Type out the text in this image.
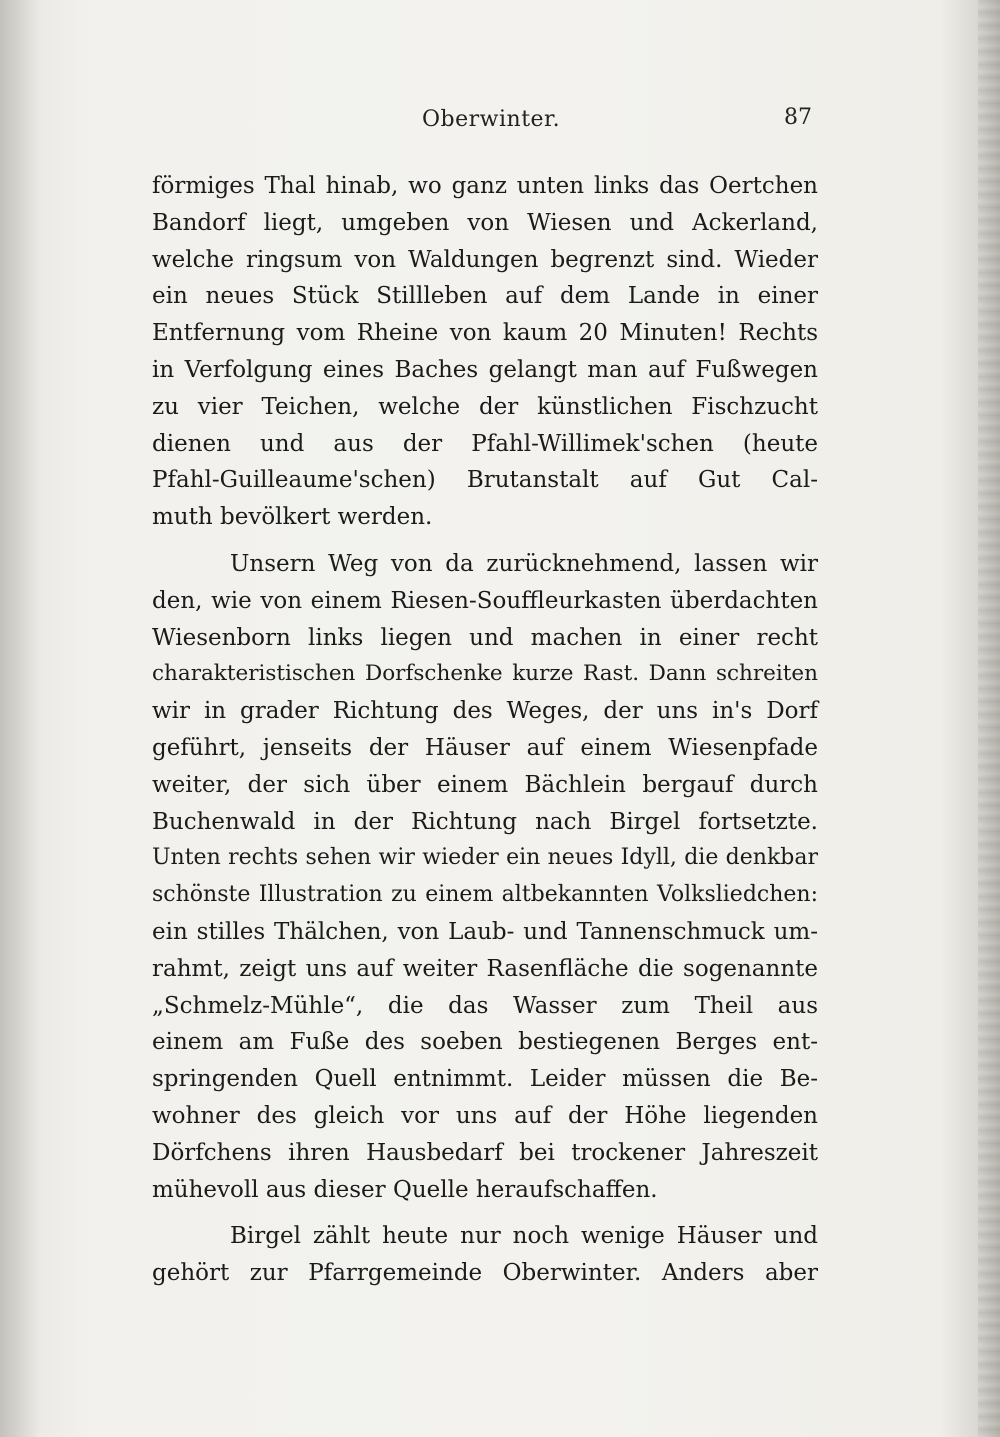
Oberwinter.	87
förmiges Thal hinab, wo ganz unten links das Oertchen
Bandorf liegt, umgeben von Wiesen und Ackerland,
welche ringsum von Waldungen begrenzt sind. Wieder
ein neues Stück Stillleben auf dem Lande in einer
Entfernung vom Rheine von kaum 20 Minuten! Rechts
in Verfolgung eines Baches gelangt man auf Fußwegen
zu vier Teichen, welche der künstlichen Fischzucht
dienen und aus der Pfahl-Willimek'schen (heute
Pfahl-Guilleaume'schen) Brutanstalt auf Gut Cal-
muth bevölkert werden.
Unsern Weg von da zurücknehmend, lassen wir
den, wie von einem Riesen-Souffleurkasten überdachten
Wiesenborn links liegen und machen in einer recht
charakteristischen Dorfschenke kurze Rast. Dann schreiten
wir in grader Richtung des Weges, der uns in's Dorf
geführt, jenseits der Häuser auf einem Wiesenpfade
weiter, der sich über einem Bächlein bergauf durch
Buchenwald in der Richtung nach Birgel fortsetzte.
Unten rechts sehen wir wieder ein neues Idyll, die denkbar
schönste Illustration zu einem altbekannten Volksliedchen:
ein stilles Thälchen, von Laub- und Tannenschmuck um-
rahmt, zeigt uns auf weiter Rasenfläche die sogenannte
„Schmelz-Mühle“, die das Wasser zum Theil aus
einem am Fuße des soeben bestiegenen Berges ent-
springenden Quell entnimmt. Leider müssen die Be-
wohner des gleich vor uns auf der Höhe liegenden
Dörfchens ihren Hausbedarf bei trockener Jahreszeit
mühevoll aus dieser Quelle heraufschaffen.
Birgel zählt heute nur noch wenige Häuser und
gehört zur Pfarrgemeinde Oberwinter. Anders aber
